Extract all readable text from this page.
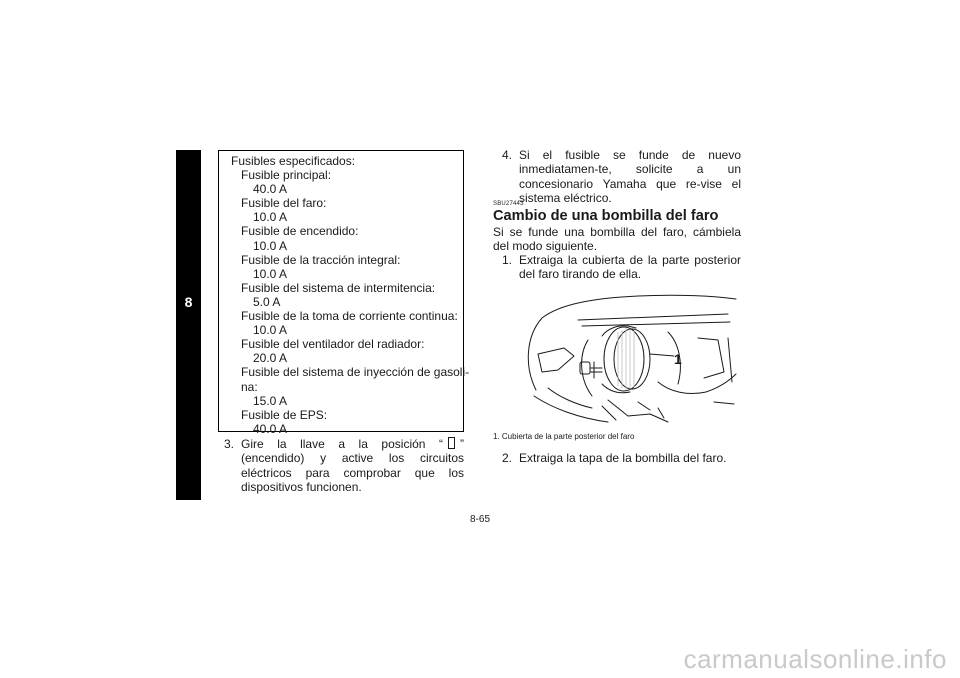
8
Fusibles especificados:
Fusible principal:
40.0 A
Fusible del faro:
10.0 A
Fusible de encendido:
10.0 A
Fusible de la tracción integral:
10.0 A
Fusible del sistema de intermitencia:
5.0 A
Fusible de la toma de corriente continua:
10.0 A
Fusible del ventilador del radiador:
20.0 A
Fusible del sistema de inyección de gasoli-
na:
15.0 A
Fusible de EPS:
40.0 A
3. Gire la llave a la posición “ ” (encendido) y active los circuitos eléctricos para comprobar que los dispositivos funcionen.
4. Si el fusible se funde de nuevo inmediatamen-te, solicite a un concesionario Yamaha que re-vise el sistema eléctrico.
SBU27443
Cambio de una bombilla del faro
Si se funde una bombilla del faro, cámbiela del modo siguiente.
1. Extraiga la cubierta de la parte posterior del faro tirando de ella.
1
1. Cubierta de la parte posterior del faro
2. Extraiga la tapa de la bombilla del faro.
8-65
carmanualsonline.info
